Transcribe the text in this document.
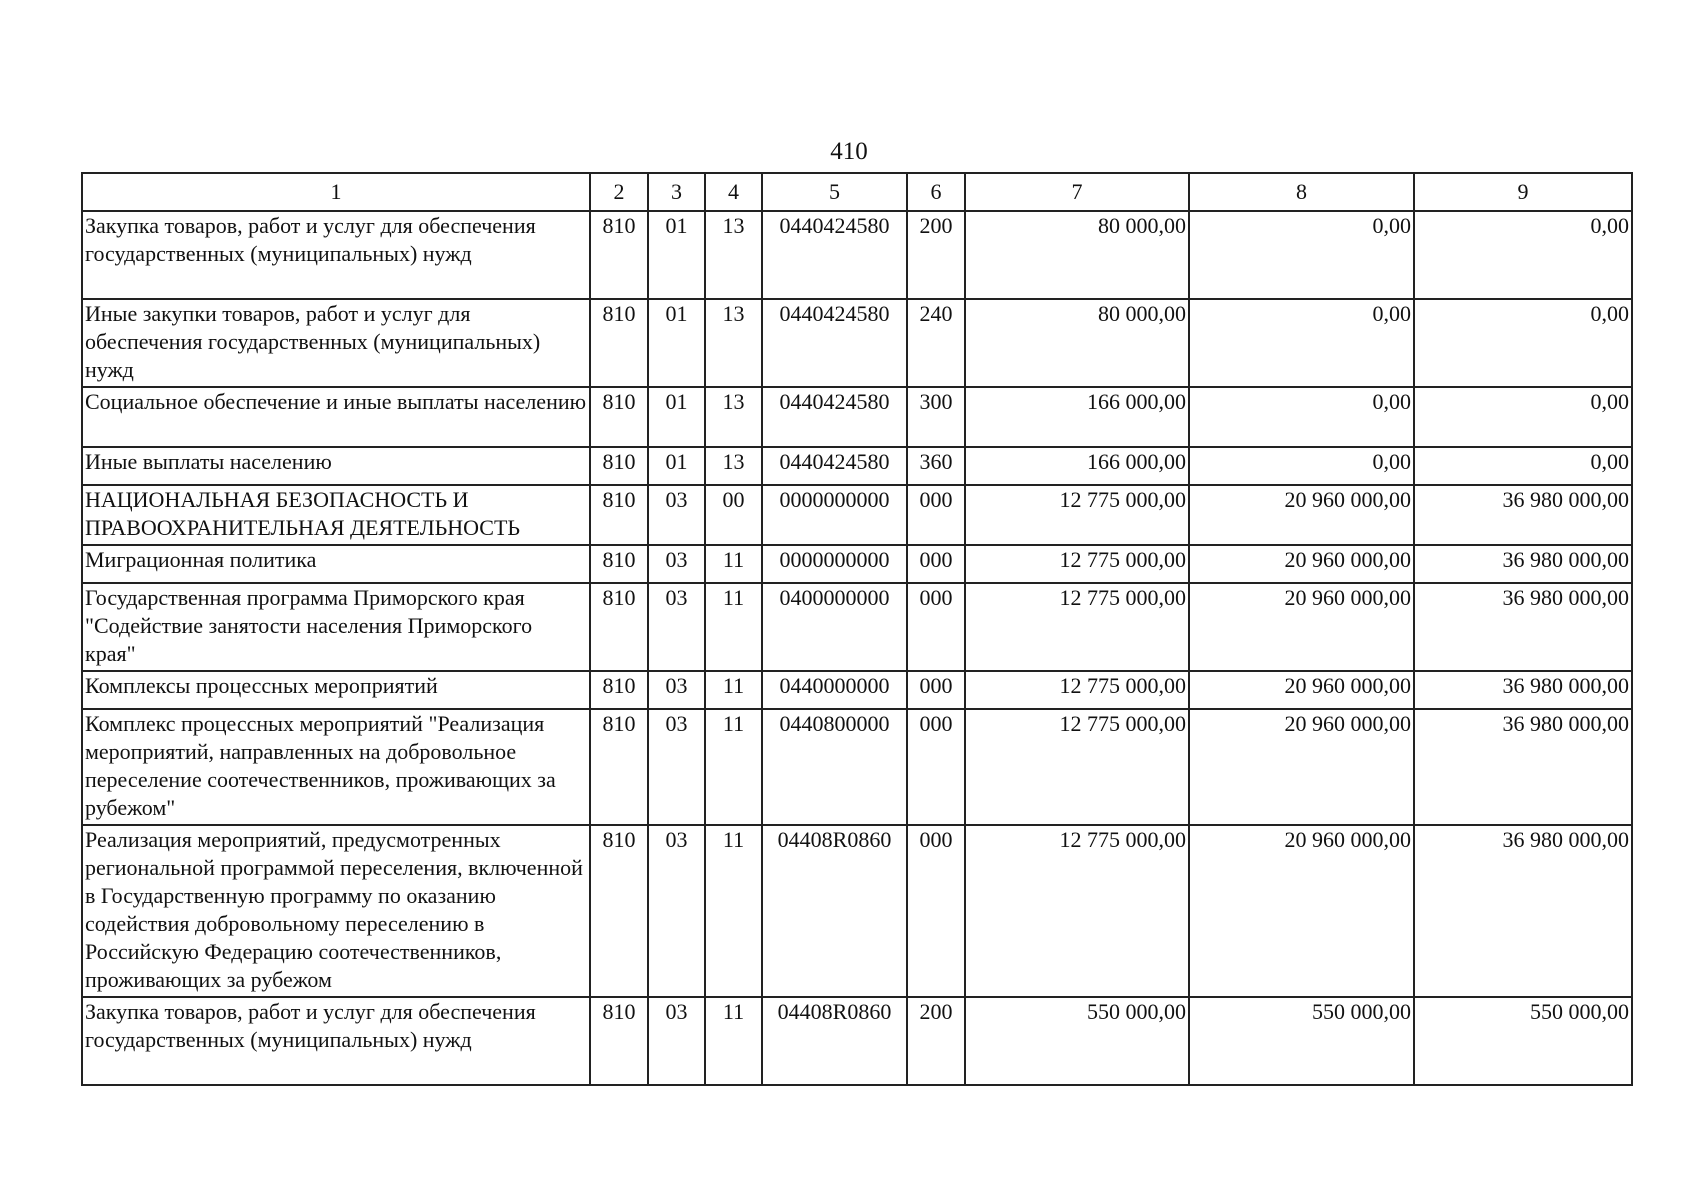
410
1	2	3	4	5	6	7	8	9
Закупка товаров, работ и услуг для обеспечения государственных (муниципальных) нужд	810	01	13	0440424580	200	80 000,00	0,00	0,00
Иные закупки товаров, работ и услуг для обеспечения государственных (муниципальных) нужд	810	01	13	0440424580	240	80 000,00	0,00	0,00
Социальное обеспечение и иные выплаты населению	810	01	13	0440424580	300	166 000,00	0,00	0,00
Иные выплаты населению	810	01	13	0440424580	360	166 000,00	0,00	0,00
НАЦИОНАЛЬНАЯ БЕЗОПАСНОСТЬ И ПРАВООХРАНИТЕЛЬНАЯ ДЕЯТЕЛЬНОСТЬ	810	03	00	0000000000	000	12 775 000,00	20 960 000,00	36 980 000,00
Миграционная политика	810	03	11	0000000000	000	12 775 000,00	20 960 000,00	36 980 000,00
Государственная программа Приморского края "Содействие занятости населения Приморского края"	810	03	11	0400000000	000	12 775 000,00	20 960 000,00	36 980 000,00
Комплексы процессных мероприятий	810	03	11	0440000000	000	12 775 000,00	20 960 000,00	36 980 000,00
Комплекс процессных мероприятий "Реализация мероприятий, направленных на добровольное переселение соотечественников, проживающих за рубежом"	810	03	11	0440800000	000	12 775 000,00	20 960 000,00	36 980 000,00
Реализация мероприятий, предусмотренных региональной программой переселения, включенной в Государственную программу по оказанию содействия добровольному переселению в Российскую Федерацию соотечественников, проживающих за рубежом	810	03	11	04408R0860	000	12 775 000,00	20 960 000,00	36 980 000,00
Закупка товаров, работ и услуг для обеспечения государственных (муниципальных) нужд	810	03	11	04408R0860	200	550 000,00	550 000,00	550 000,00
